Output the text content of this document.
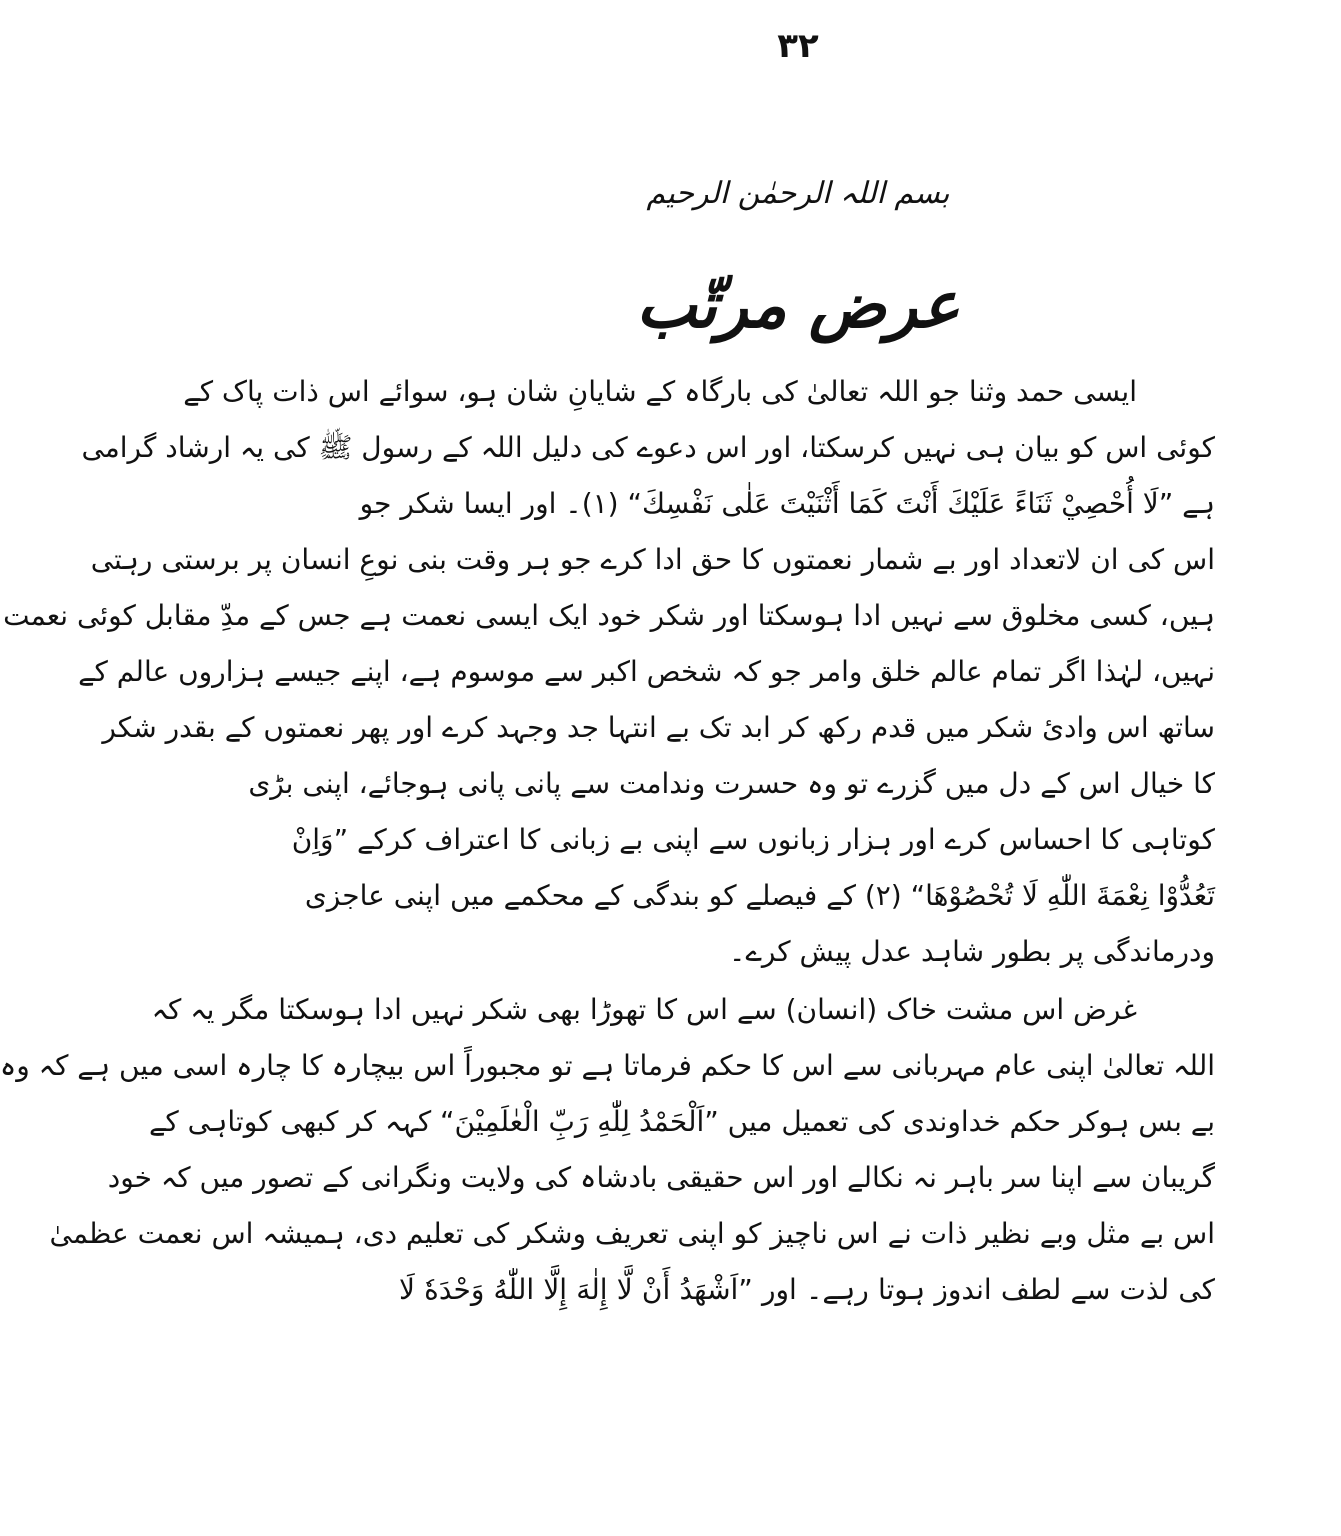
۳۲
بسم اللہ الرحمٰن الرحیم
عرض مرتّب
ایسی حمد وثنا جو اللہ تعالیٰ کی بارگاہ کے شایانِ شان ہو، سوائے اس ذات پاک کے
کوئی اس کو بیان ہی نہیں کرسکتا، اور اس دعوے کی دلیل اللہ کے رسول ﷺ کی یہ ارشاد گرامی
ہے ”لَا أُحْصِيْ ثَنَاءً عَلَيْكَ أَنْتَ كَمَا أَثْنَيْتَ عَلٰى نَفْسِكَ“ (۱)۔ اور ایسا شکر جو
اس کی ان لاتعداد اور بے شمار نعمتوں کا حق ادا کرے جو ہر وقت بنی نوعِ انسان پر برستی رہتی
ہیں، کسی مخلوق سے نہیں ادا ہوسکتا اور شکر خود ایک ایسی نعمت ہے جس کے مدِّ مقابل کوئی نعمت
نہیں، لہٰذا اگر تمام عالم خلق وامر جو کہ شخص اکبر سے موسوم ہے، اپنے جیسے ہزاروں عالم کے
ساتھ اس وادیٔ شکر میں قدم رکھ کر ابد تک بے انتہا جد وجہد کرے اور پھر نعمتوں کے بقدر شکر
کا خیال اس کے دل میں گزرے تو وہ حسرت وندامت سے پانی پانی ہوجائے، اپنی بڑی
کوتاہی کا احساس کرے اور ہزار زبانوں سے اپنی بے زبانی کا اعتراف کرکے ”وَاِنْ
تَعُدُّوْا نِعْمَةَ اللّٰهِ لَا تُحْصُوْهَا“ (۲) کے فیصلے کو بندگی کے محکمے میں اپنی عاجزی
ودرماندگی پر بطور شاہد عدل پیش کرے۔
غرض اس مشت خاک (انسان) سے اس کا تھوڑا بھی شکر نہیں ادا ہوسکتا مگر یہ کہ
اللہ تعالیٰ اپنی عام مہربانی سے اس کا حکم فرماتا ہے تو مجبوراً اس بیچارہ کا چارہ اسی میں ہے کہ وہ
بے بس ہوکر حکم خداوندی کی تعمیل میں ”اَلْحَمْدُ لِلّٰهِ رَبِّ الْعٰلَمِيْنَ“ کہہ کر کبھی کوتاہی کے
گریبان سے اپنا سر باہر نہ نکالے اور اس حقیقی بادشاہ کی ولایت ونگرانی کے تصور میں کہ خود
اس بے مثل وبے نظیر ذات نے اس ناچیز کو اپنی تعریف وشکر کی تعلیم دی، ہمیشہ اس نعمت عظمیٰ
کی لذت سے لطف اندوز ہوتا رہے۔ اور ”اَشْهَدُ أَنْ لَّا إِلٰهَ إِلَّا اللّٰهُ وَحْدَهٗ لَا
